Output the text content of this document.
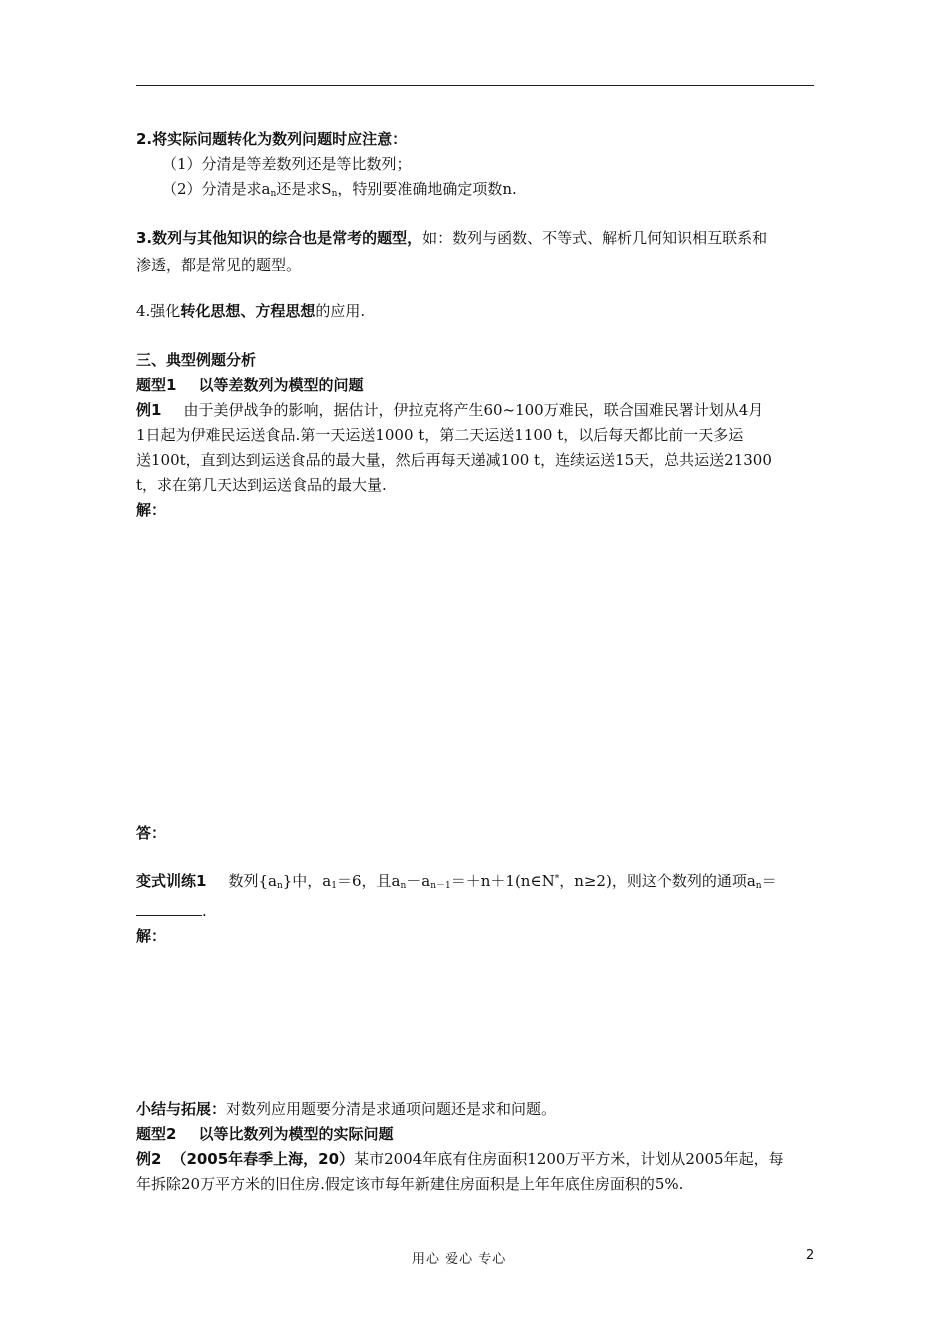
2.将实际问题转化为数列问题时应注意：
（1）分清是等差数列还是等比数列；
（2）分清是求$a_n$还是求$S_n$，特别要准确地确定项数n.
3.数列与其他知识的综合也是常考的题型，如：数列与函数、不等式、解析几何知识相互联系和
渗透，都是常见的题型。
4.强化转化思想、方程思想的应用.
三、典型例题分析
题型1 以等差数列为模型的问题
例1 由于美伊战争的影响，据估计，伊拉克将产生60~100万难民，联合国难民署计划从4月
1日起为伊难民运送食品.第一天运送1000 t，第二天运送1100 t，以后每天都比前一天多运
送100t，直到达到运送食品的最大量，然后再每天递减100 t，连续运送15天，总共运送21300
t，求在第几天达到运送食品的最大量.
解：
答：
变式训练1 数列$\{a_n\}$中，$a_1=6$，且$a_n-a_{n-1}=+n+1(n\in N^*$，n≥2)，则这个数列的通项$a_n=$
.
解：
小结与拓展：对数列应用题要分清是求通项问题还是求和问题。
题型2 以等比数列为模型的实际问题
例2 （2005年春季上海，20）某市2004年底有住房面积1200万平方米，计划从2005年起，每
年拆除20万平方米的旧住房.假定该市每年新建住房面积是上年年底住房面积的5%.
用心 爱心 专心	2
